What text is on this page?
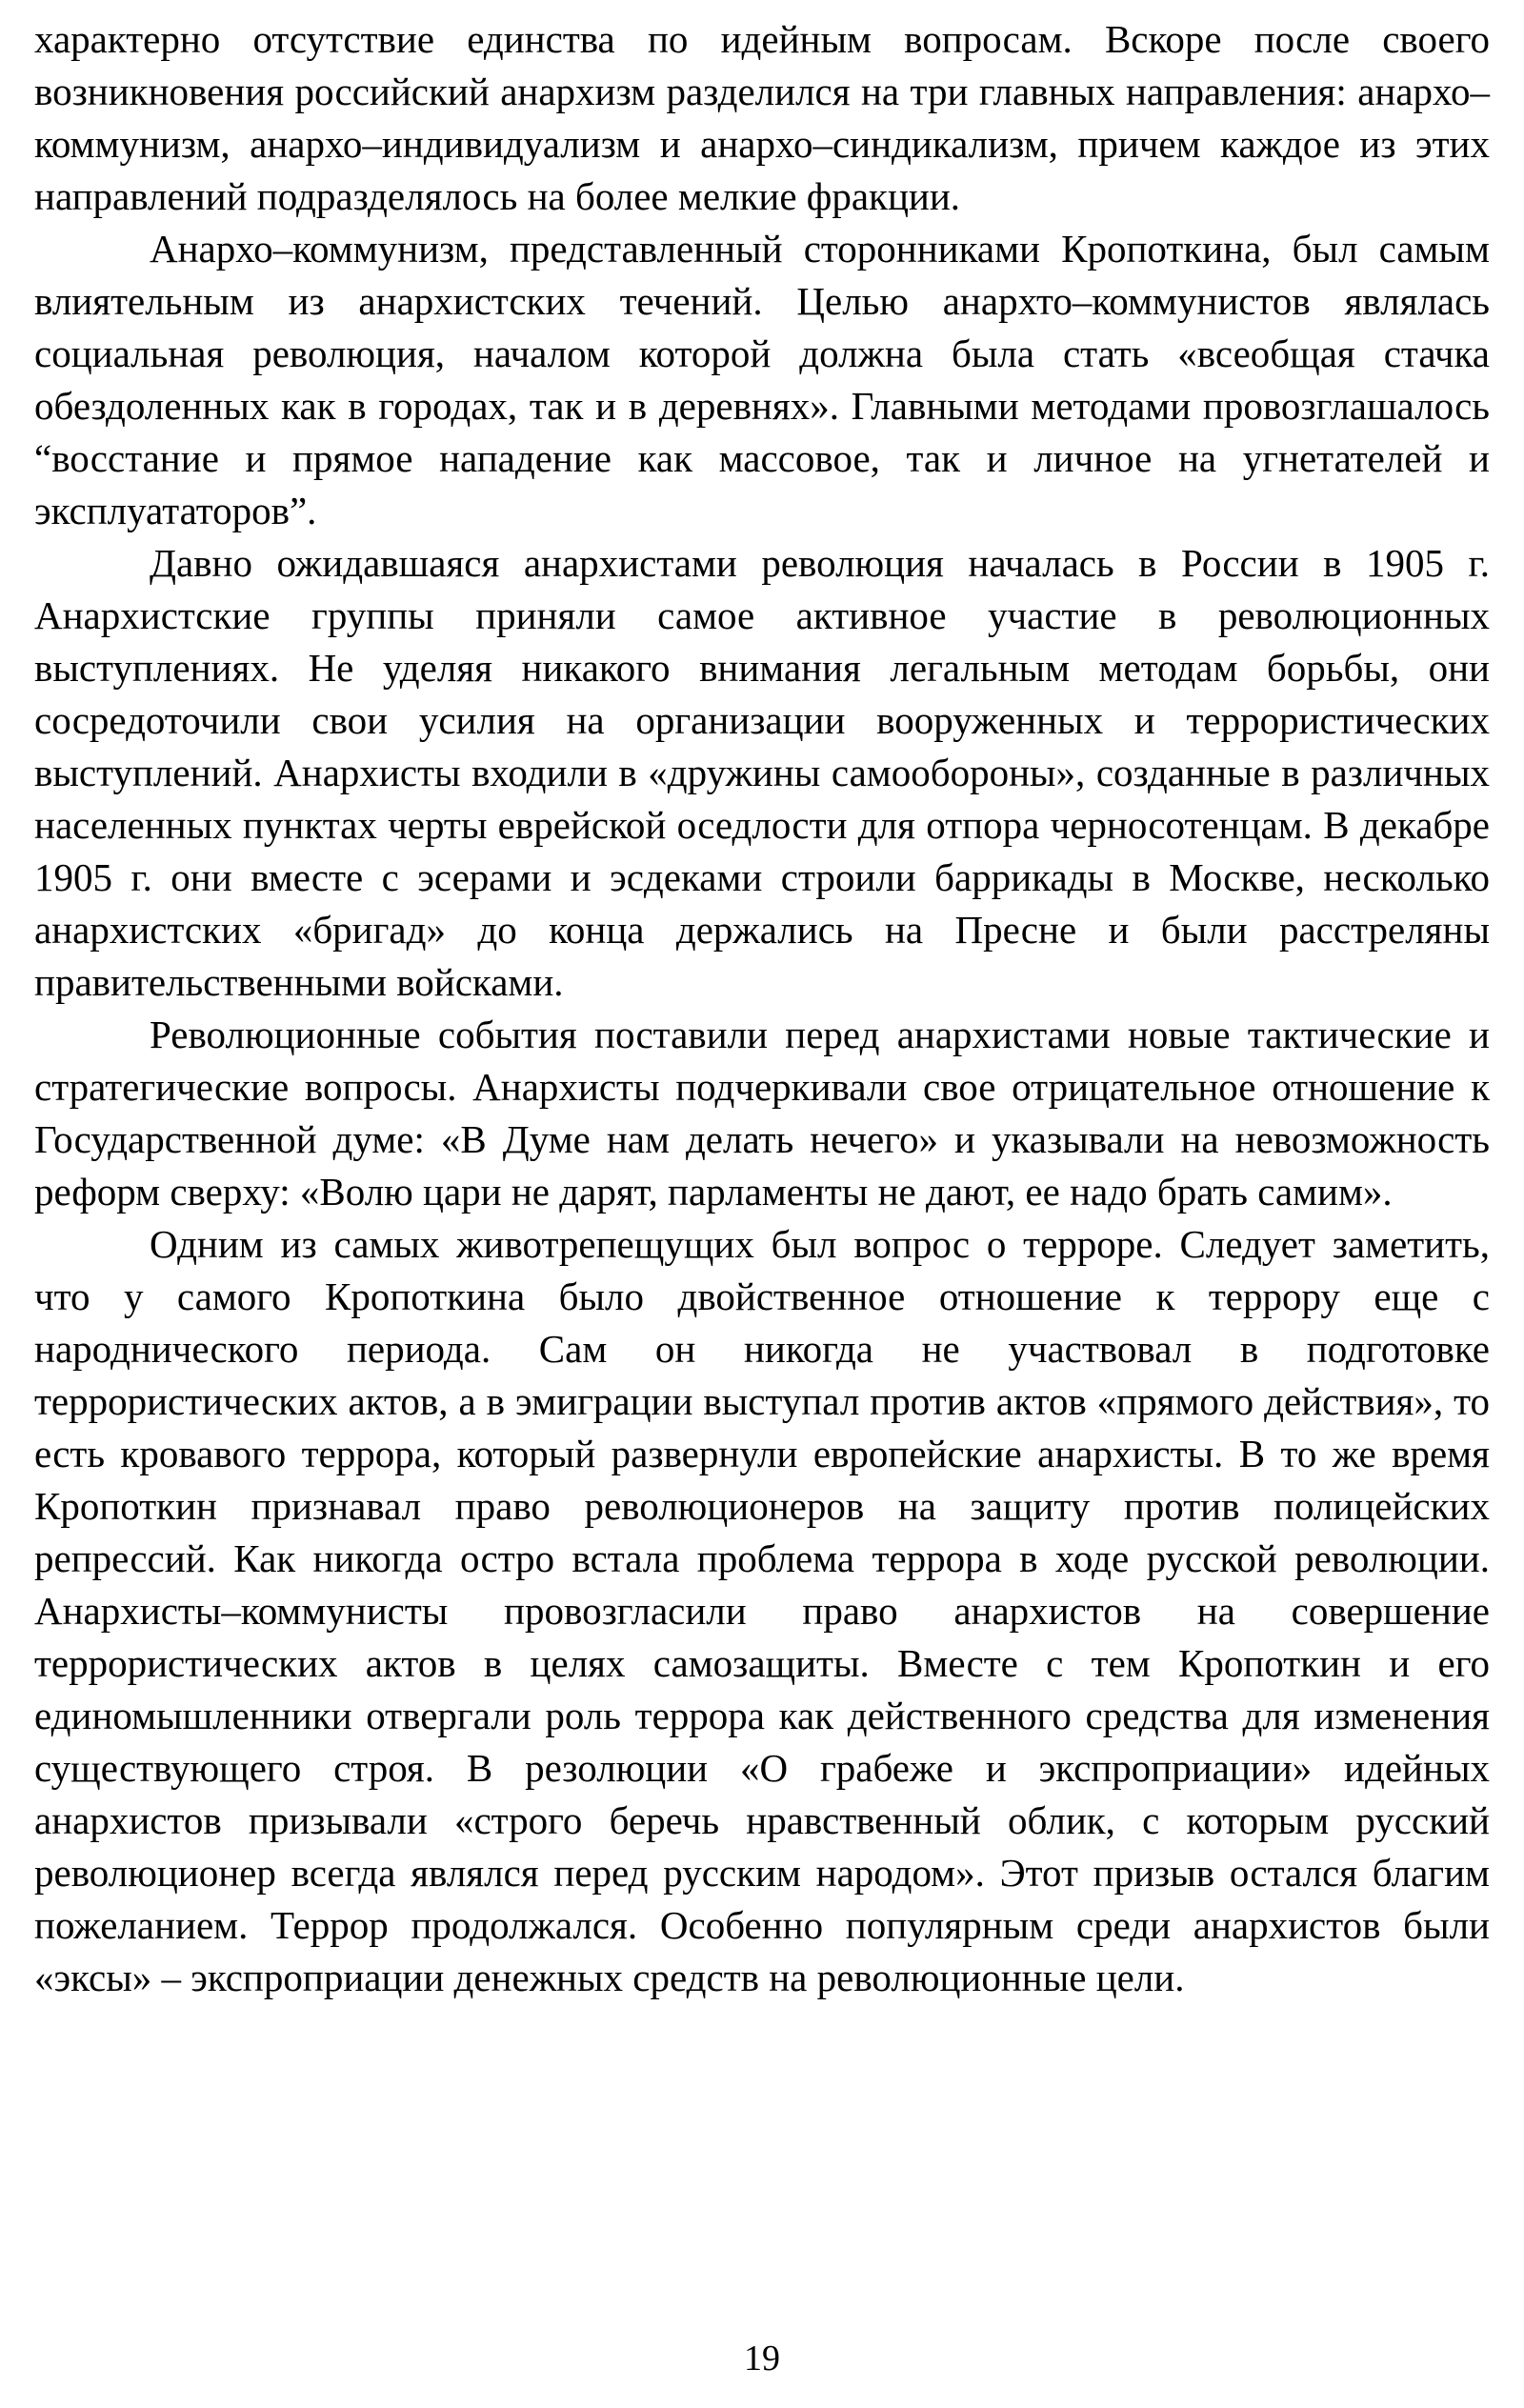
характерно отсутствие единства по идейным вопросам. Вскоре после своего возникновения российский анархизм разделился на три главных направления: анархо–коммунизм, анархо–индивидуализм и анархо–синдикализм, причем каждое из этих направлений подразделялось на более мелкие фракции.

Анархо–коммунизм, представленный сторонниками Кропоткина, был самым влиятельным из анархистских течений. Целью анархто–коммунистов являлась социальная революция, началом которой должна была стать «всеобщая стачка обездоленных как в городах, так и в деревнях». Главными методами провозглашалось “восстание и прямое нападение как массовое, так и личное на угнетателей и эксплуататоров”.

Давно ожидавшаяся анархистами революция началась в России в 1905 г. Анархистские группы приняли самое активное участие в революционных выступлениях. Не уделяя никакого внимания легальным методам борьбы, они сосредоточили свои усилия на организации вооруженных и террористических выступлений. Анархисты входили в «дружины самообороны», созданные в различных населенных пунктах черты еврейской оседлости для отпора черносотенцам. В декабре 1905 г. они вместе с эсерами и эсдеками строили баррикады в Москве, несколько анархистских «бригад» до конца держались на Пресне и были расстреляны правительственными войсками.

Революционные события поставили перед анархистами новые тактические и стратегические вопросы. Анархисты подчеркивали свое отрицательное отношение к Государственной думе: «В Думе нам делать нечего» и указывали на невозможность реформ сверху: «Волю цари не дарят, парламенты не дают, ее надо брать самим».

Одним из самых животрепещущих был вопрос о терроре. Следует заметить, что у самого Кропоткина было двойственное отношение к террору еще с народнического периода. Сам он никогда не участвовал в подготовке террористических актов, а в эмиграции выступал против актов «прямого действия», то есть кровавого террора, который развернули европейские анархисты. В то же время Кропоткин признавал право революционеров на защиту против полицейских репрессий. Как никогда остро встала проблема террора в ходе русской революции. Анархисты–коммунисты провозгласили право анархистов на совершение террористических актов в целях самозащиты. Вместе с тем Кропоткин и его единомышленники отвергали роль террора как действенного средства для изменения существующего строя. В резолюции «О грабеже и экспроприации» идейных анархистов призывали «строго беречь нравственный облик, с которым русский революционер всегда являлся перед русским народом». Этот призыв остался благим пожеланием. Террор продолжался. Особенно популярным среди анархистов были «эксы» – экспроприации денежных средств на революционные цели.

19
